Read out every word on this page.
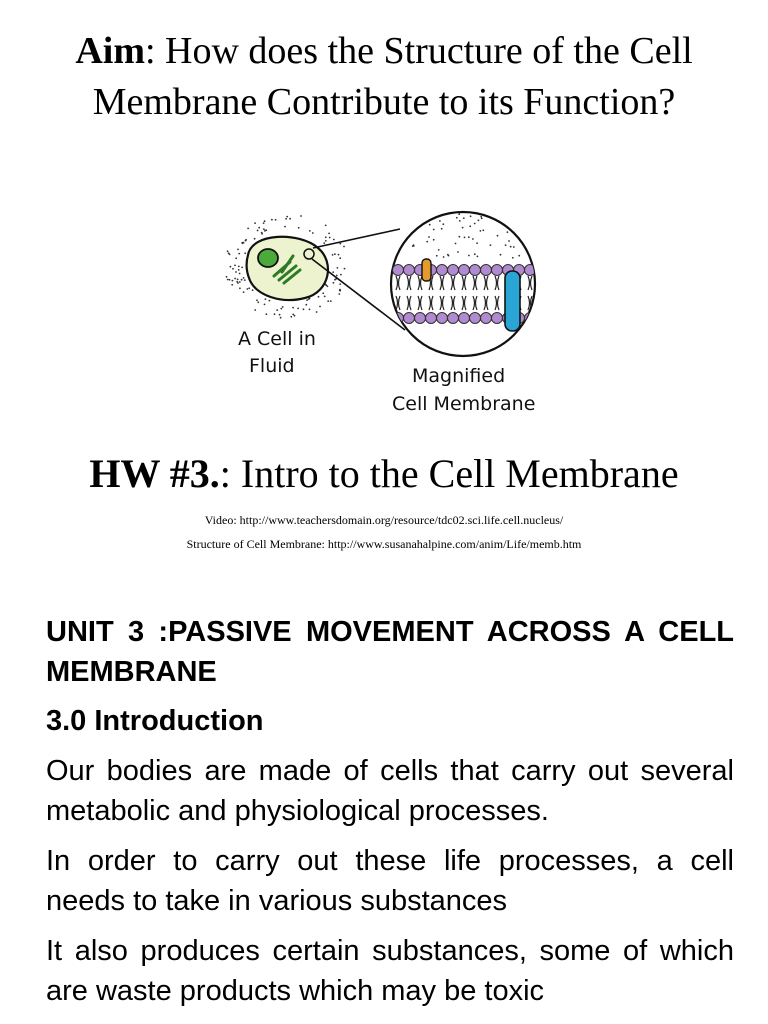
Aim: How does the Structure of the Cell Membrane Contribute to its Function?
A Cell in
Fluid	Magnified
Cell Membrane
HW #3.: Intro to the Cell Membrane
Video: http://www.teachersdomain.org/resource/tdc02.sci.life.cell.nucleus/
Structure of Cell Membrane: http://www.susanahalpine.com/anim/Life/memb.htm
UNIT 3 :PASSIVE MOVEMENT ACROSS A CELL MEMBRANE
3.0 Introduction

Our bodies are made of cells that carry out several metabolic and physiological processes.

In order to carry out these life processes, a cell needs to take in various substances

It also produces certain substances, some of which are waste products which may be toxic
